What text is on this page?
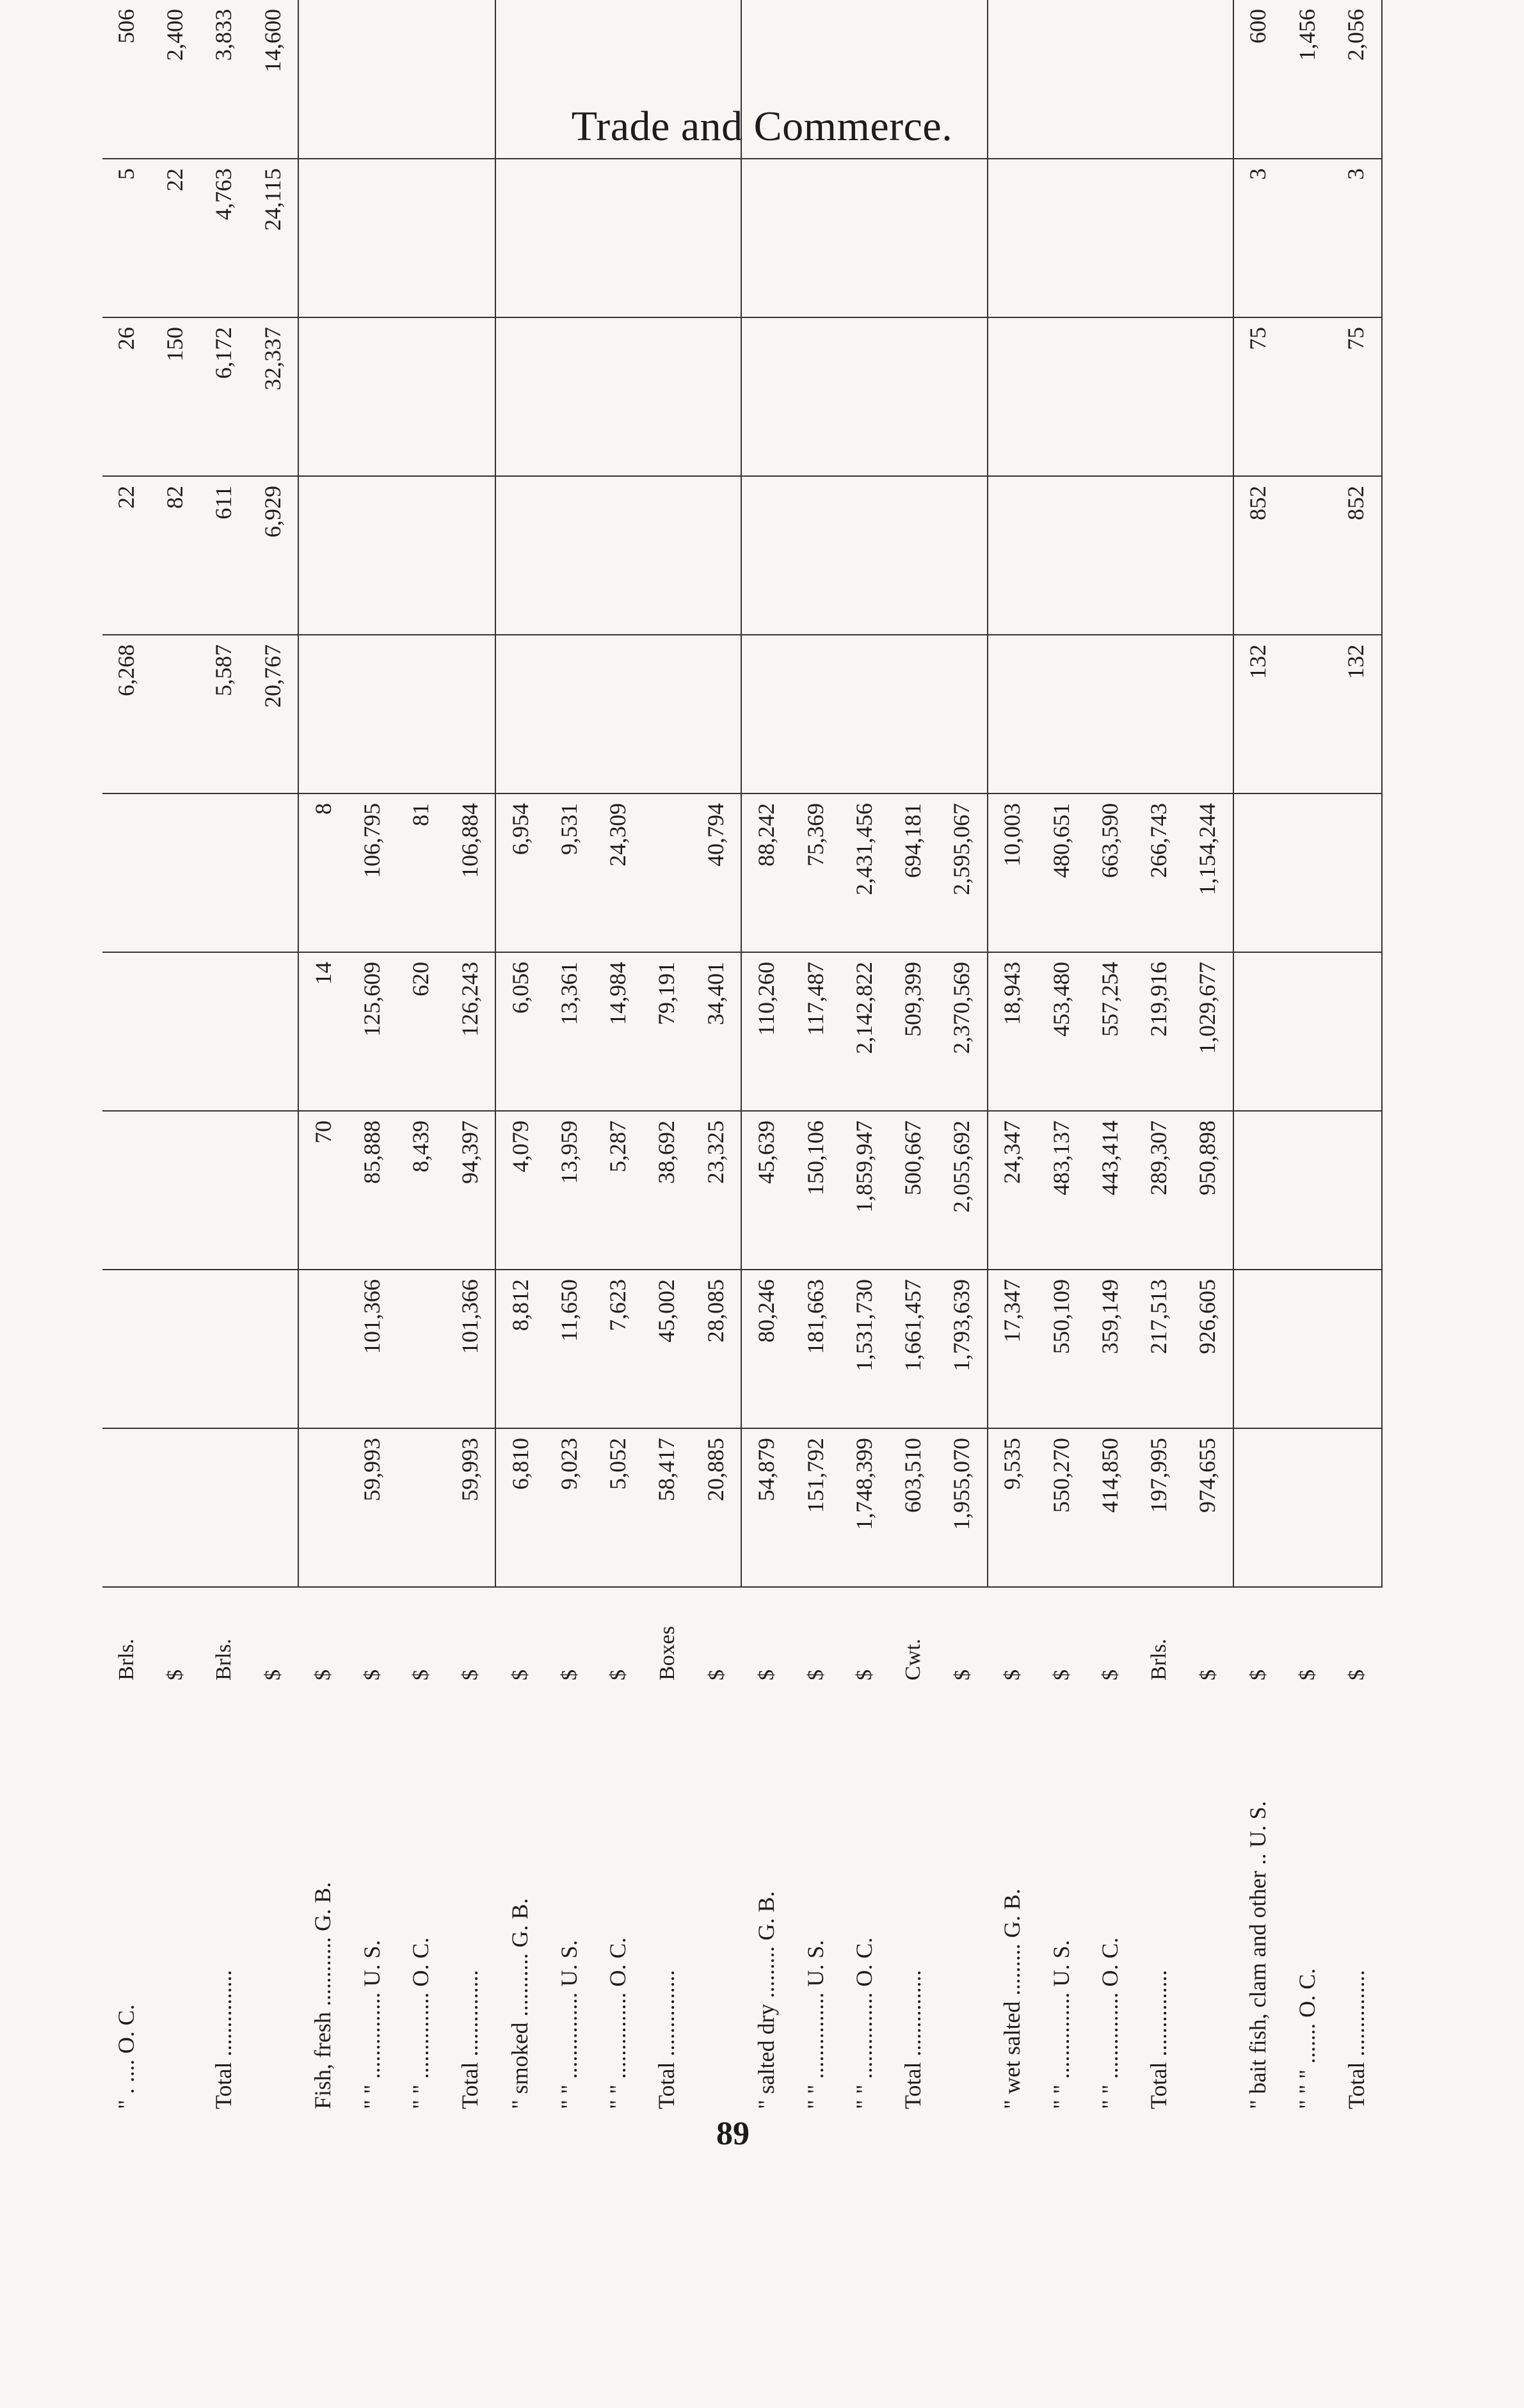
Trade and Commerce.
" . .... O. C.	Brls.						6,268	22	26	5	506
	$							82	150	22	2,400
Total ...............	Brls.						5,587	611	6,172	4,763	3,833
	$						20,767	6,929	32,337	24,115	14,600
Fish, fresh ............ G. B.	$			70	14	8					
" " ............... U. S.	$	59,993	101,366	85,888	125,609	106,795					
" " ............... O. C.	$			8,439	620	81					
Total ...............	$	59,993	101,366	94,397	126,243	106,884					
" smoked ........... G. B.	$	6,810	8,812	4,079	6,056	6,954					
" " ............... U. S.	$	9,023	11,650	13,959	13,361	9,531					
" " ............... O. C.	$	5,052	7,623	5,287	14,984	24,309					
Total ...............	Boxes	58,417	45,002	38,692	79,191						
	$	20,885	28,085	23,325	34,401	40,794					
" salted dry ......... G. B.	$	54,879	80,246	45,639	110,260	88,242					
" " ............... U. S.	$	151,792	181,663	150,106	117,487	75,369					
" " ............... O. C.	$	1,748,399	1,531,730	1,859,947	2,142,822	2,431,456					
Total ...............	Cwt.	603,510	1,661,457	500,667	509,399	694,181					
	$	1,955,070	1,793,639	2,055,692	2,370,569	2,595,067					
" wet salted ......... G. B.	$	9,535	17,347	24,347	18,943	10,003					
" " ............... U. S.	$	550,270	550,109	483,137	453,480	480,651					
" " ............... O. C.	$	414,850	359,149	443,414	557,254	663,590					
Total ...............	Brls.	197,995	217,513	289,307	219,916	266,743					
	$	974,655	926,605	950,898	1,029,677	1,154,244					
" bait fish, clam and other .. U. S.	$						132	852	75	3	600
" " " ....... O. C.	$										1,456
Total ...............	$						132	852	75	3	2,056
89
